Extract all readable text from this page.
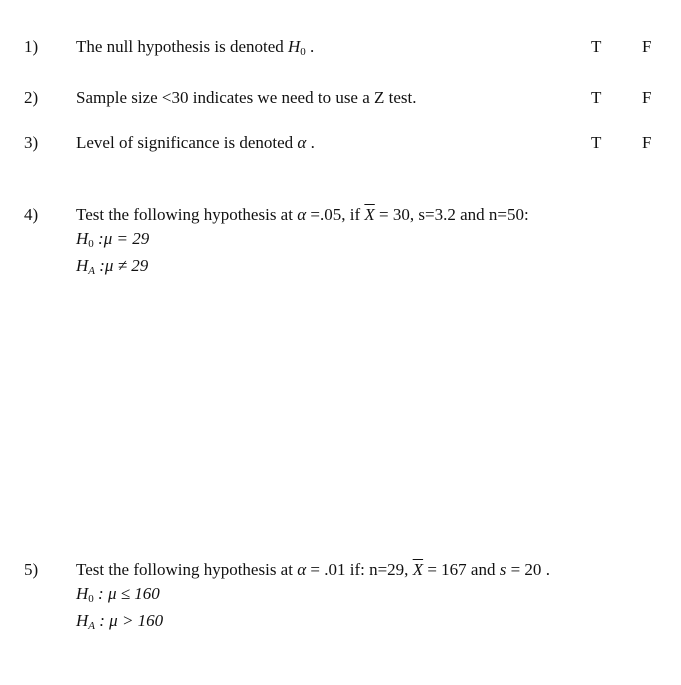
1) The null hypothesis is denoted $H_0$ .	T F
2) Sample size <30 indicates we need to use a Z test.	T F
3) Level of significance is denoted α .	T F
4) Test the following hypothesis at α =.05, if $\overline{X} = 30$, s=3.2 and n=50:
$H_0$ :μ = 29
$H_A$ :μ ≠ 29
5) Test the following hypothesis at α = .01 if: n=29, $\overline{X} = 167$ and s = 20 .
$H_0$ : μ ≤ 160
$H_A$ : μ > 160
